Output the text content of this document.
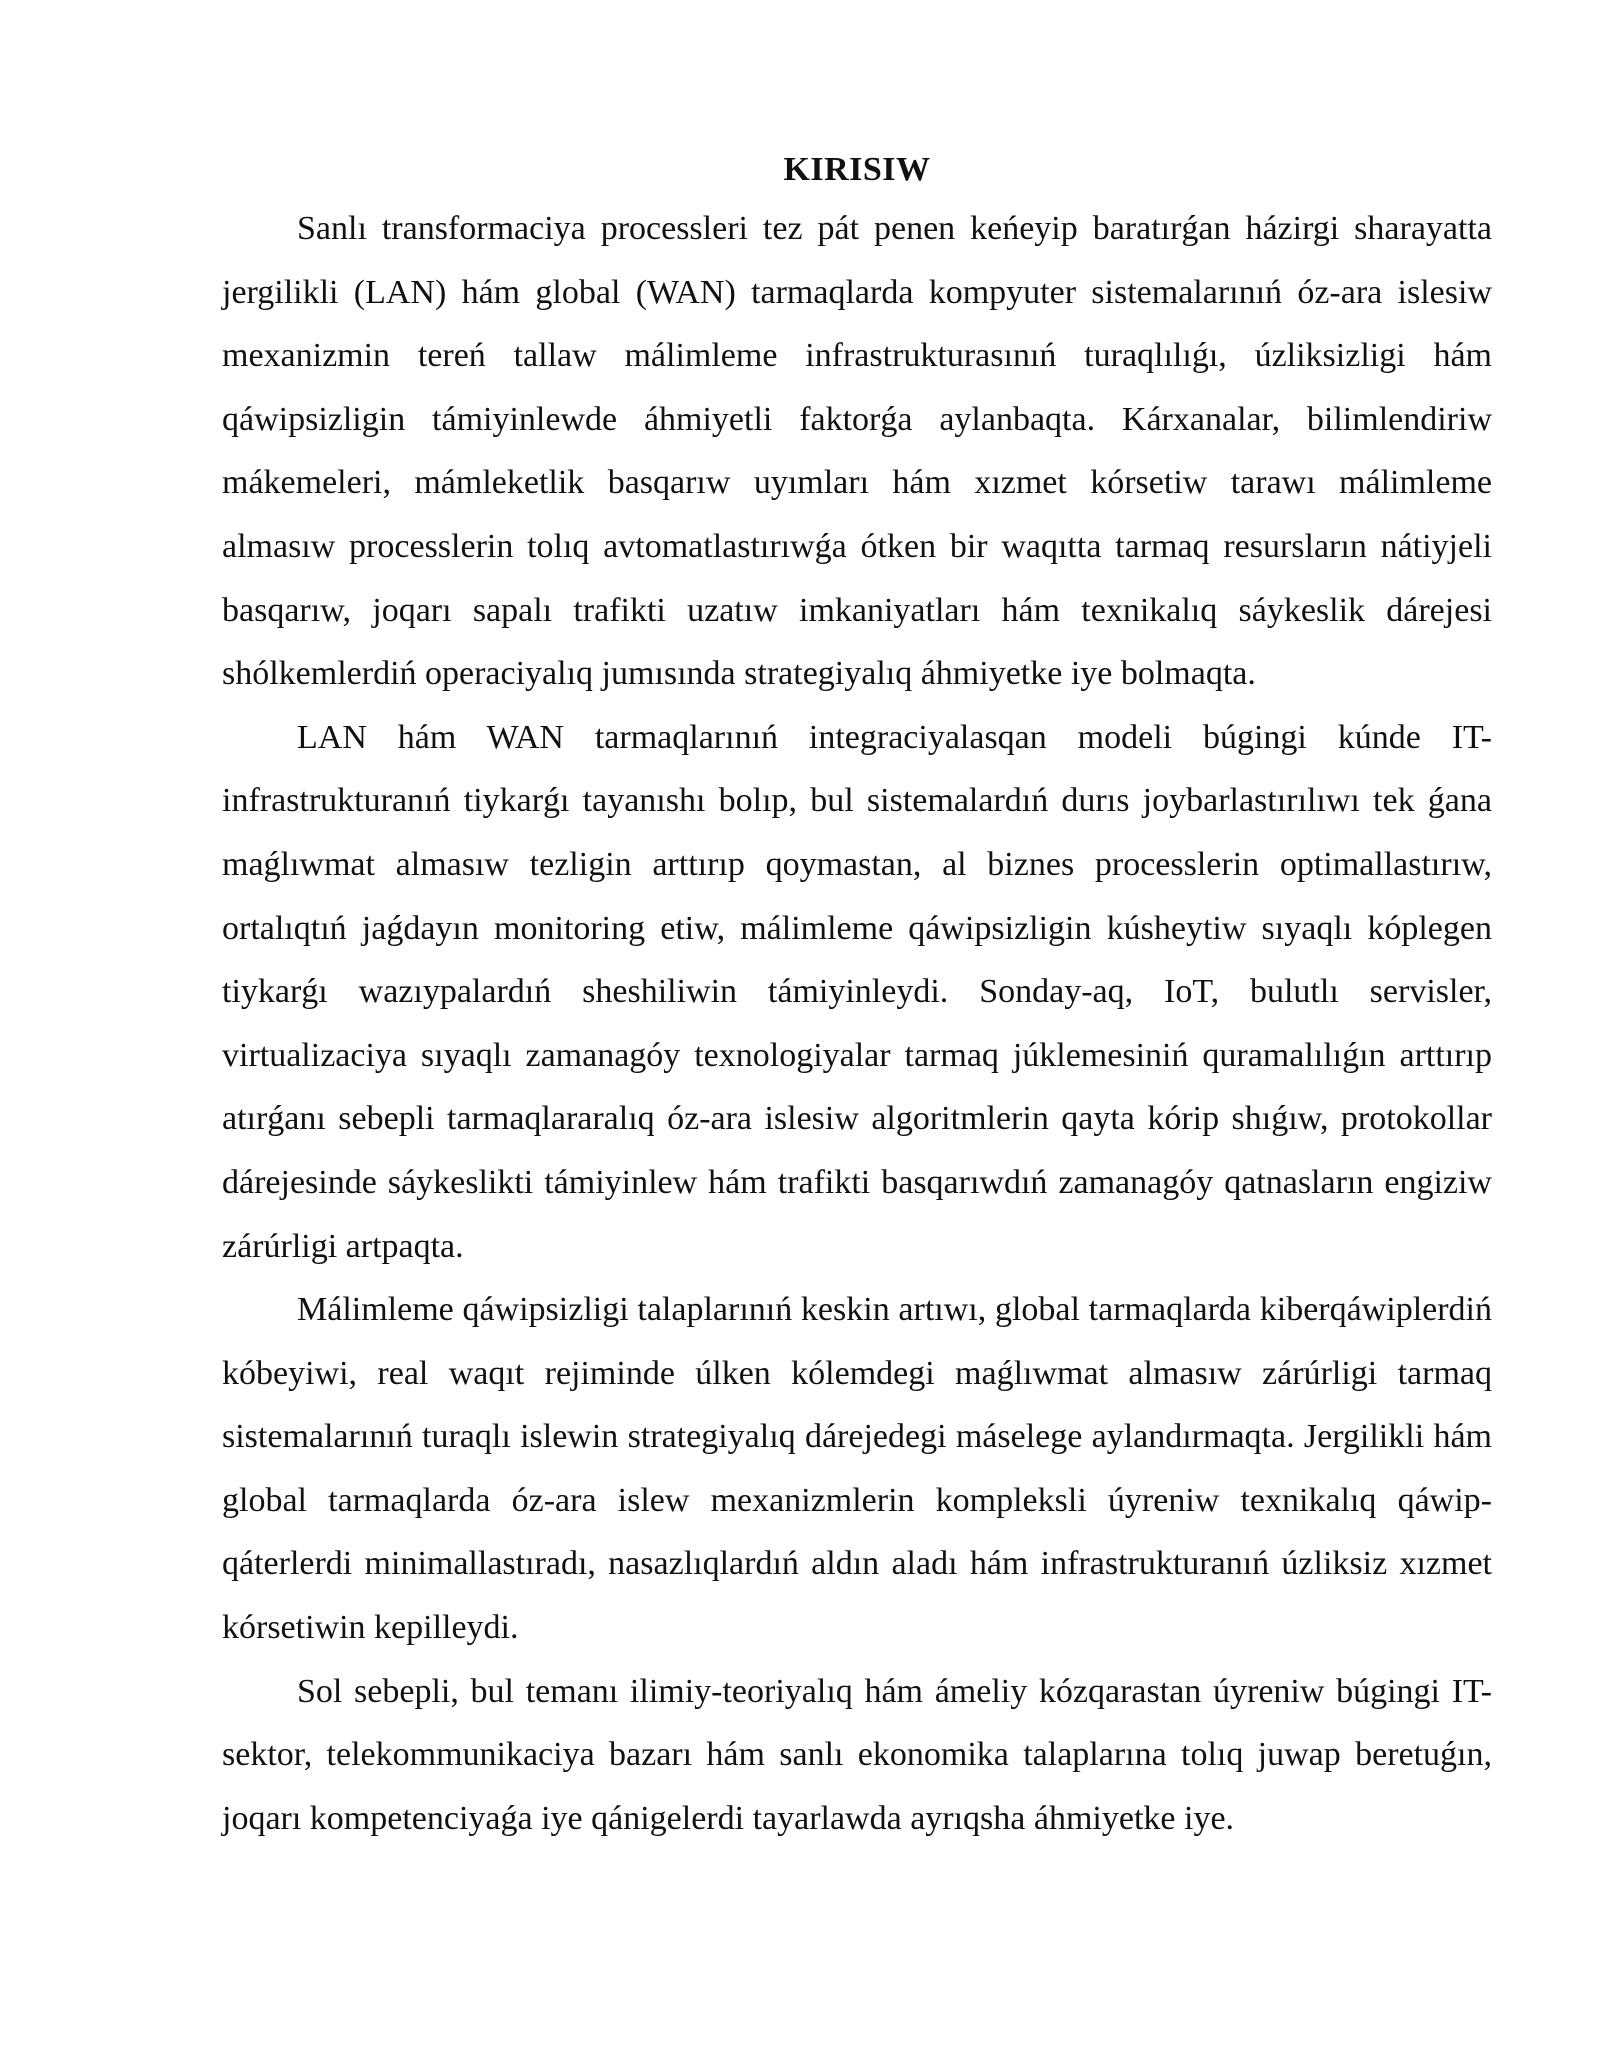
KIRISIW

Sanlı transformaciya processleri tez pát penen keńeyip baratırǵan házirgi sharayatta jergilikli (LAN) hám global (WAN) tarmaqlarda kompyuter sistemalarınıń óz-ara islesiw mexanizmin tereń tallaw málimleme infrastrukturasınıń turaqlılıǵı, úzliksizligi hám qáwipsizligin támiyinlewde áhmiyetli faktorǵa aylanbaqta. Kárxanalar, bilimlendiriw mákemeleri, mámleketlik basqarıw uyımları hám xızmet kórsetiw tarawı málimleme almasıw processlerin tolıq avtomatlastırıwǵa ótken bir waqıtta tarmaq resursların nátiyjeli basqarıw, joqarı sapalı trafikti uzatıw imkaniyatları hám texnikalıq sáykeslik dárejesi shólkemlerdiń operaciyalıq jumısında strategiyalıq áhmiyetke iye bolmaqta.

LAN hám WAN tarmaqlarınıń integraciyalasqan modeli búgingi kúnde IT-infrastrukturanıń tiykarǵı tayanıshı bolıp, bul sistemalardıń durıs joybarlastırılıwı tek ǵana maǵlıwmat almasıw tezligin arttırıp qoymastan, al biznes processlerin optimallastırıw, ortalıqtıń jaǵdayın monitoring etiw, málimleme qáwipsizligin kúsheytiw sıyaqlı kóplegen tiykarǵı wazıypalardıń sheshiliwin támiyinleydi. Sonday-aq, IoT, bulutlı servisler, virtualizaciya sıyaqlı zamanagóy texnologiyalar tarmaq júklemesiniń quramalılıǵın arttırıp atırǵanı sebepli tarmaqlararalıq óz-ara islesiw algoritmlerin qayta kórip shıǵıw, protokollar dárejesinde sáykeslikti támiyinlew hám trafikti basqarıwdıń zamanagóy qatnasların engiziw zárúrligi artpaqta.

Málimleme qáwipsizligi talaplarınıń keskin artıwı, global tarmaqlarda kiberqáwiplerdiń kóbeyiwi, real waqıt rejiminde úlken kólemdegi maǵlıwmat almasıw zárúrligi tarmaq sistemalarınıń turaqlı islewin strategiyalıq dárejedegi máselege aylandırmaqta. Jergilikli hám global tarmaqlarda óz-ara islew mexanizmlerin kompleksli úyreniw texnikalıq qáwip-qáterlerdi minimallastıradı, nasazlıqlardıń aldın aladı hám infrastrukturanıń úzliksiz xızmet kórsetiwin kepilleydi.

Sol sebepli, bul temanı ilimiy-teoriyalıq hám ámeliy kózqarastan úyreniw búgingi IT-sektor, telekommunikaciya bazarı hám sanlı ekonomika talaplarına tolıq juwap beretuǵın, joqarı kompetenciyaǵa iye qánigelerdi tayarlawda ayrıqsha áhmiyetke iye.
